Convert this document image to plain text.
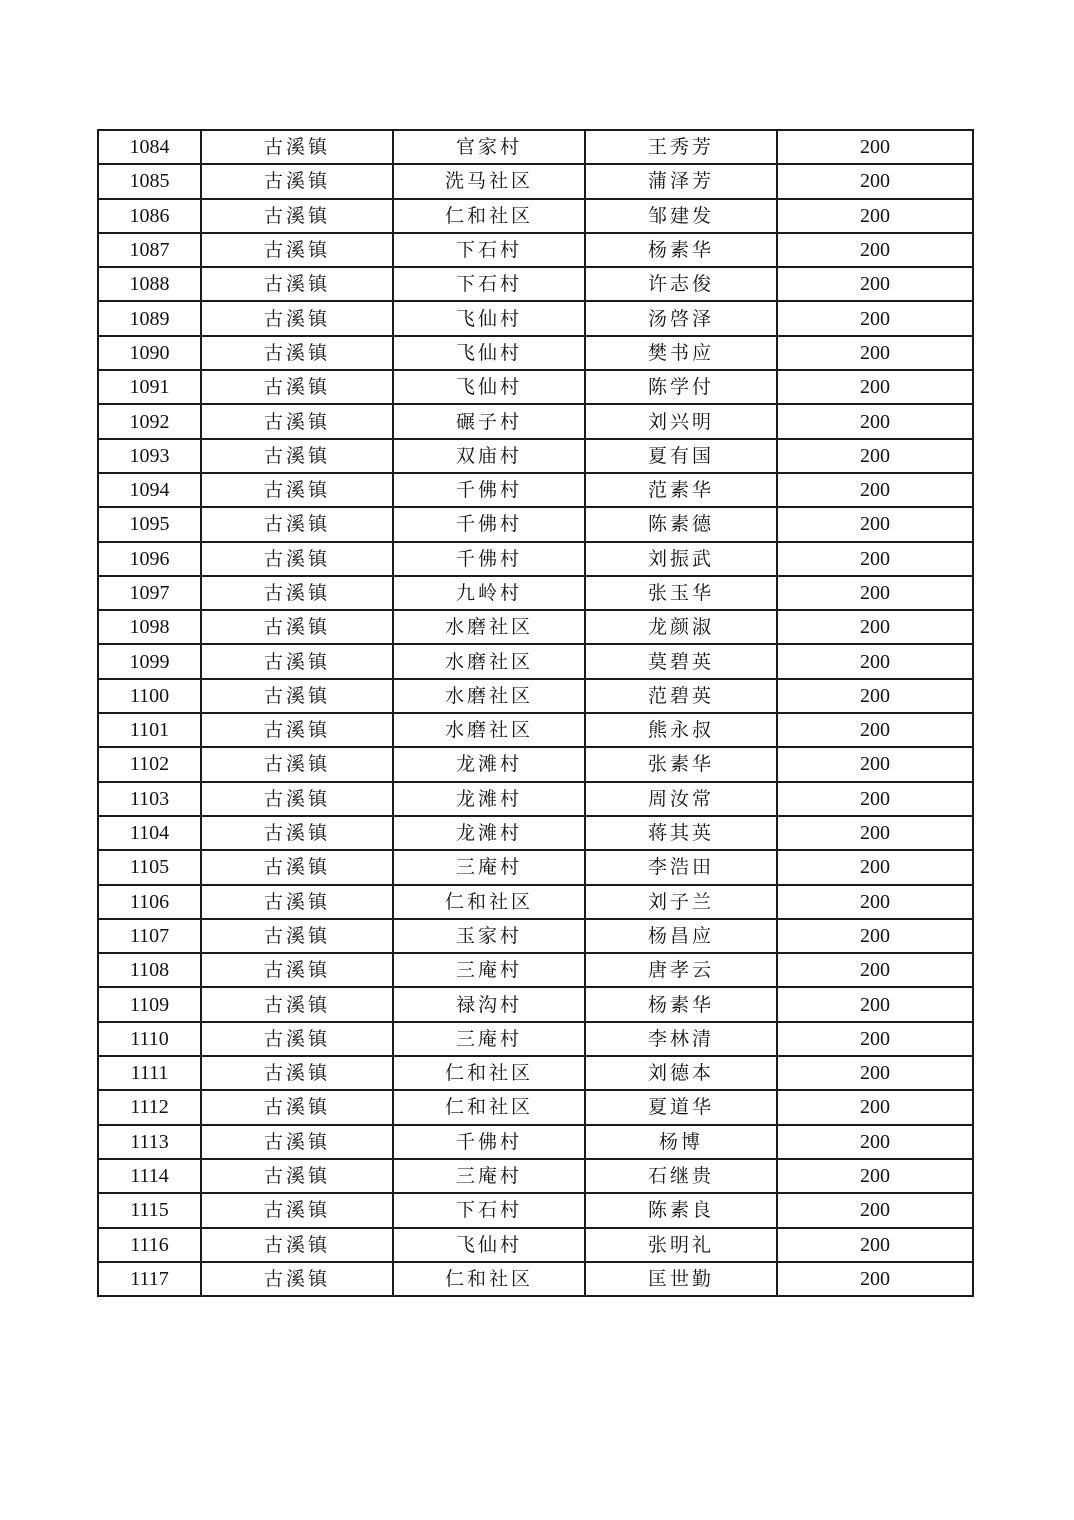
1084	古溪镇	官家村	王秀芳	200
1085	古溪镇	洗马社区	蒲泽芳	200
1086	古溪镇	仁和社区	邹建发	200
1087	古溪镇	下石村	杨素华	200
1088	古溪镇	下石村	许志俊	200
1089	古溪镇	飞仙村	汤啓泽	200
1090	古溪镇	飞仙村	樊书应	200
1091	古溪镇	飞仙村	陈学付	200
1092	古溪镇	碾子村	刘兴明	200
1093	古溪镇	双庙村	夏有国	200
1094	古溪镇	千佛村	范素华	200
1095	古溪镇	千佛村	陈素德	200
1096	古溪镇	千佛村	刘振武	200
1097	古溪镇	九岭村	张玉华	200
1098	古溪镇	水磨社区	龙颜淑	200
1099	古溪镇	水磨社区	莫碧英	200
1100	古溪镇	水磨社区	范碧英	200
1101	古溪镇	水磨社区	熊永叔	200
1102	古溪镇	龙滩村	张素华	200
1103	古溪镇	龙滩村	周汝常	200
1104	古溪镇	龙滩村	蒋其英	200
1105	古溪镇	三庵村	李浩田	200
1106	古溪镇	仁和社区	刘子兰	200
1107	古溪镇	玉家村	杨昌应	200
1108	古溪镇	三庵村	唐孝云	200
1109	古溪镇	禄沟村	杨素华	200
1110	古溪镇	三庵村	李林清	200
1111	古溪镇	仁和社区	刘德本	200
1112	古溪镇	仁和社区	夏道华	200
1113	古溪镇	千佛村	杨博	200
1114	古溪镇	三庵村	石继贵	200
1115	古溪镇	下石村	陈素良	200
1116	古溪镇	飞仙村	张明礼	200
1117	古溪镇	仁和社区	匡世勤	200
